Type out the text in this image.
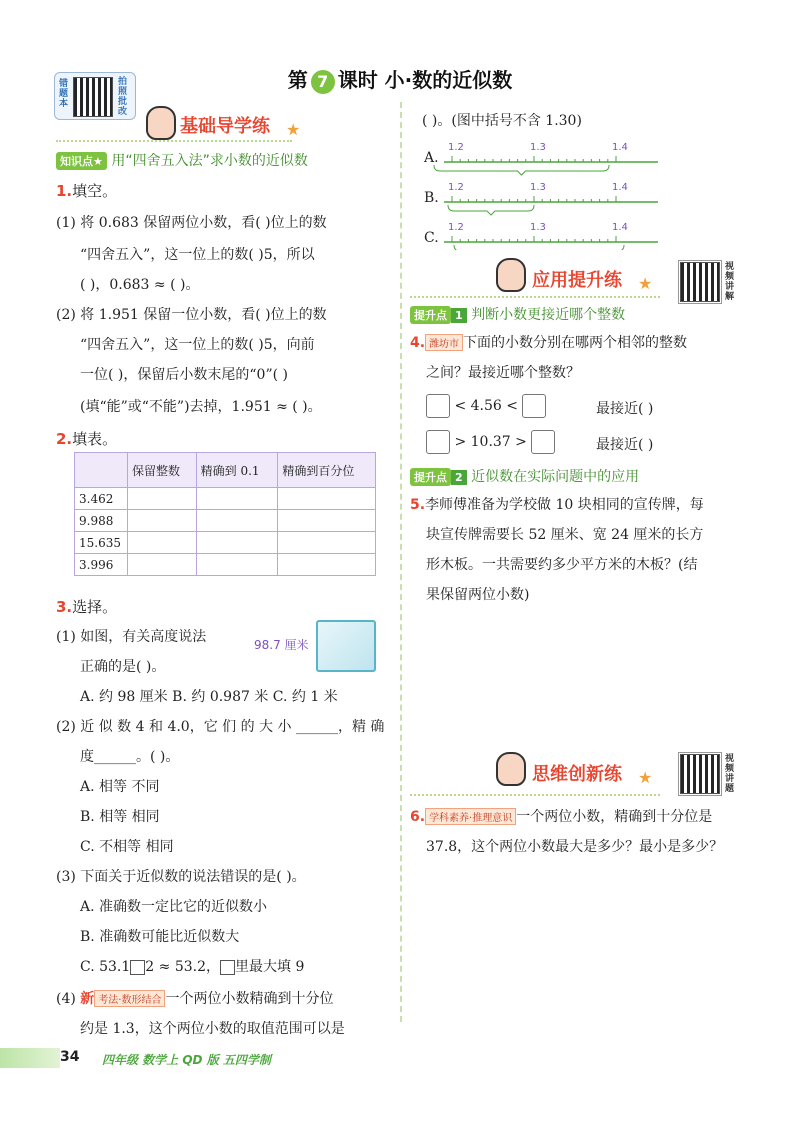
错题本
拍照批改
第 7 课时 小·数的近似数
基础导学练 ★
知识点★ 用“四舍五入法”求小数的近似数
1.填空。
(1) 将 0.683 保留两位小数，看( )位上的数
“四舍五入”，这一位上的数( )5，所以
( )，0.683 ≈ ( )。
(2) 将 1.951 保留一位小数，看( )位上的数
“四舍五入”，这一位上的数( )5，向前
一位( )，保留后小数末尾的“0”( )
(填“能”或“不能”)去掉，1.951 ≈ ( )。
2.填表。
	保留整数	精确到 0.1	精确到百分位
3.462			
9.988			
15.635			
3.996			
3.选择。
(1) 如图，有关高度说法
正确的是( )。
98.7 厘米
A. 约 98 厘米 B. 约 0.987 米 C. 约 1 米
(2) 近 似 数 4 和 4.0，它 们 的 大 小 ______，精 确
度______。( )。
A. 相等 不同
B. 相等 相同
C. 不相等 相同
(3) 下面关于近似数的说法错误的是( )。
A. 准确数一定比它的近似数小
B. 准确数可能比近似数大
C. 53.1 2 ≈ 53.2， 里最大填 9
(4) 新 考法·数形结合 一个两位小数精确到十分位
约是 1.3，这个两位小数的取值范围可以是
( )。(图中括号不含 1.30)
A.
B.
C.
1.2	1.3	1.4
1.2	1.3	1.4
1.2	1.3	1.4
应用提升练 ★
视频讲解
提升点 1 判断小数更接近哪个整数
4. 潍坊市 下面的小数分别在哪两个相邻的整数
之间？最接近哪个整数？
< 4.56 <	最接近( )
> 10.37 >	最接近( )
提升点 2 近似数在实际问题中的应用
5.李师傅准备为学校做 10 块相同的宣传牌，每
块宣传牌需要长 52 厘米、宽 24 厘米的长方
形木板。一共需要约多少平方米的木板？(结
果保留两位小数)
思维创新练 ★
视频讲题
6. 学科素养·推理意识 一个两位小数，精确到十分位是
37.8，这个两位小数最大是多少？最小是多少？
34 四年级 数学上 QD 版 五四学制
